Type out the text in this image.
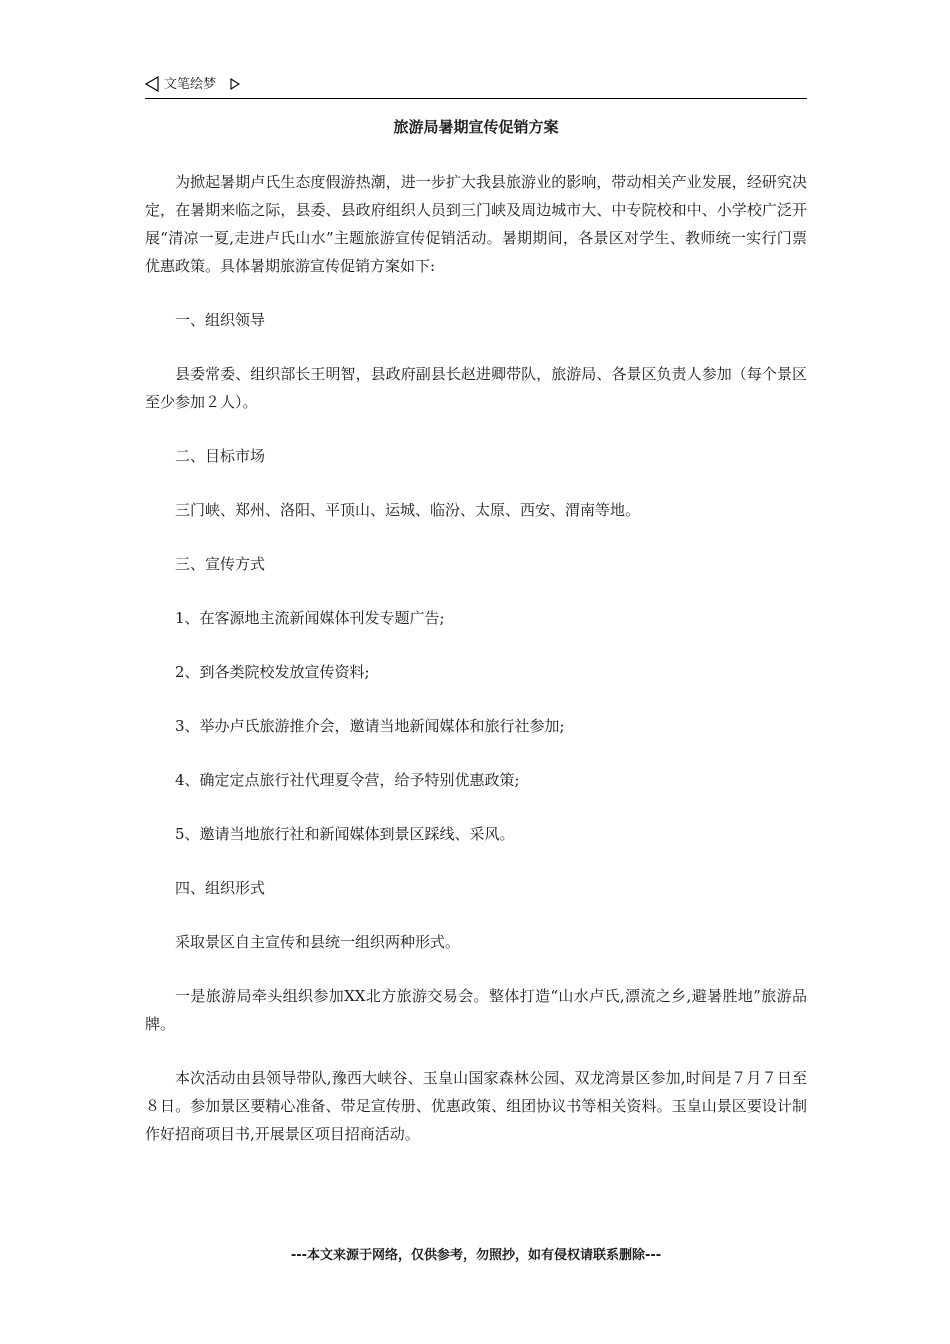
文笔绘梦
旅游局暑期宣传促销方案

为掀起暑期卢氏生态度假游热潮，进一步扩大我县旅游业的影响，带动相关产业发展，经研究决定，在暑期来临之际，县委、县政府组织人员到三门峡及周边城市大、中专院校和中、小学校广泛开展“清凉一夏,走进卢氏山水”主题旅游宣传促销活动。暑期期间，各景区对学生、教师统一实行门票优惠政策。具体暑期旅游宣传促销方案如下:

一、组织领导

县委常委、组织部长王明智，县政府副县长赵进卿带队，旅游局、各景区负责人参加（每个景区至少参加２人）。

二、目标市场

三门峡、郑州、洛阳、平顶山、运城、临汾、太原、西安、渭南等地。

三、宣传方式

1、在客源地主流新闻媒体刊发专题广告;

2、到各类院校发放宣传资料;

3、举办卢氏旅游推介会，邀请当地新闻媒体和旅行社参加;

4、确定定点旅行社代理夏令营，给予特别优惠政策;

5、邀请当地旅行社和新闻媒体到景区踩线、采风。

四、组织形式

采取景区自主宣传和县统一组织两种形式。

一是旅游局牵头组织参加XX北方旅游交易会。整体打造“山水卢氏,漂流之乡,避暑胜地”旅游品牌。

本次活动由县领导带队,豫西大峡谷、玉皇山国家森林公园、双龙湾景区参加,时间是７月７日至８日。参加景区要精心准备、带足宣传册、优惠政策、组团协议书等相关资料。玉皇山景区要设计制作好招商项目书,开展景区项目招商活动。

---本文来源于网络，仅供参考，勿照抄，如有侵权请联系删除---
